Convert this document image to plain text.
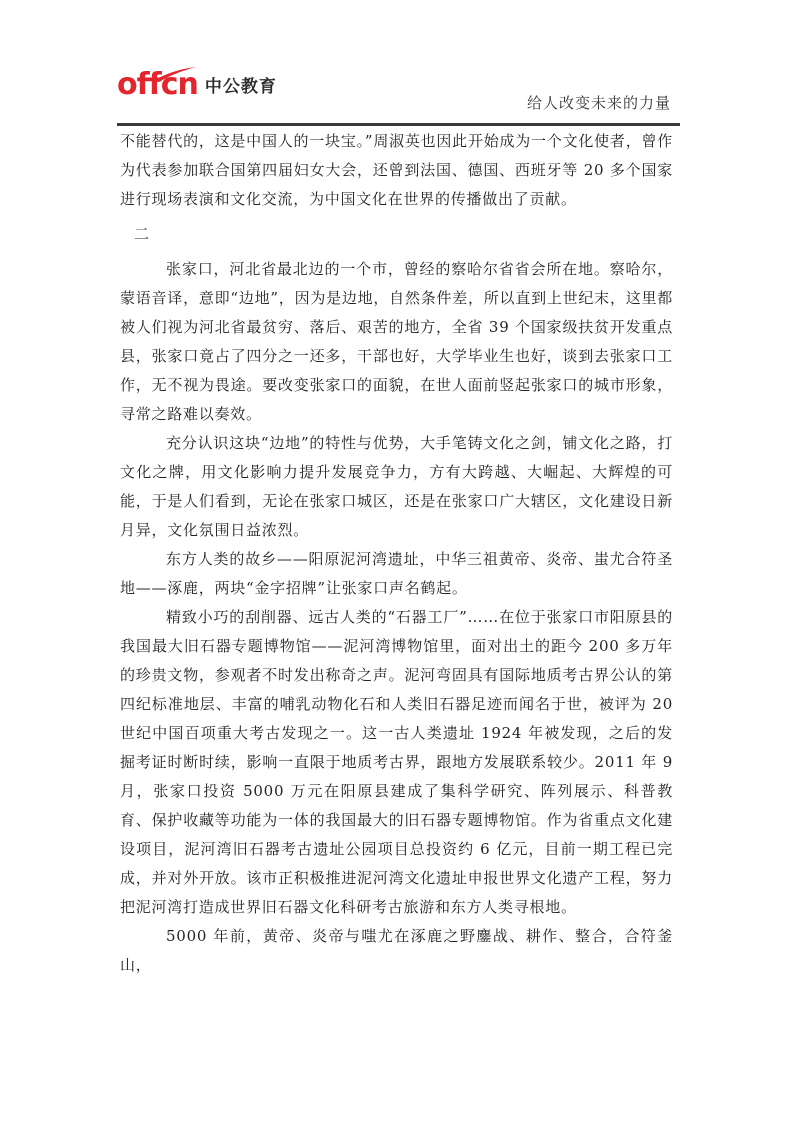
offcn 中公教育
给人改变未来的力量

不能替代的，这是中国人的一块宝。”周淑英也因此开始成为一个文化使者，曾作为代表参加联合国第四届妇女大会，还曾到法国、德国、西班牙等 20 多个国家进行现场表演和文化交流，为中国文化在世界的传播做出了贡献。

二

张家口，河北省最北边的一个市，曾经的察哈尔省省会所在地。察哈尔，蒙语音译，意即“边地”，因为是边地，自然条件差，所以直到上世纪末，这里都被人们视为河北省最贫穷、落后、艰苦的地方，全省 39 个国家级扶贫开发重点县，张家口竟占了四分之一还多，干部也好，大学毕业生也好，谈到去张家口工作，无不视为畏途。要改变张家口的面貌，在世人面前竖起张家口的城市形象，寻常之路难以奏效。

充分认识这块“边地”的特性与优势，大手笔铸文化之剑，铺文化之路，打文化之牌，用文化影响力提升发展竞争力，方有大跨越、大崛起、大辉煌的可能，于是人们看到，无论在张家口城区，还是在张家口广大辖区，文化建设日新月异，文化氛围日益浓烈。

东方人类的故乡——阳原泥河湾遗址，中华三祖黄帝、炎帝、蚩尤合符圣地——涿鹿，两块“金字招牌”让张家口声名鹤起。

精致小巧的刮削器、远古人类的“石器工厂”……在位于张家口市阳原县的我国最大旧石器专题博物馆——泥河湾博物馆里，面对出土的距今 200 多万年的珍贵文物，参观者不时发出称奇之声。泥河弯固具有国际地质考古界公认的第四纪标准地层、丰富的哺乳动物化石和人类旧石器足迹而闻名于世，被评为 20 世纪中国百项重大考古发现之一。这一古人类遗址 1924 年被发现，之后的发掘考证时断时续，影响一直限于地质考古界，跟地方发展联系较少。2011 年 9 月，张家口投资 5000 万元在阳原县建成了集科学研究、阵列展示、科普教育、保护收藏等功能为一体的我国最大的旧石器专题博物馆。作为省重点文化建设项目，泥河湾旧石器考古遗址公园项目总投资约 6 亿元，目前一期工程已完成，并对外开放。该市正积极推进泥河湾文化遗址申报世界文化遗产工程，努力把泥河湾打造成世界旧石器文化科研考古旅游和东方人类寻根地。

5000 年前，黄帝、炎帝与嗤尤在涿鹿之野鏖战、耕作、整合，合符釜山，
